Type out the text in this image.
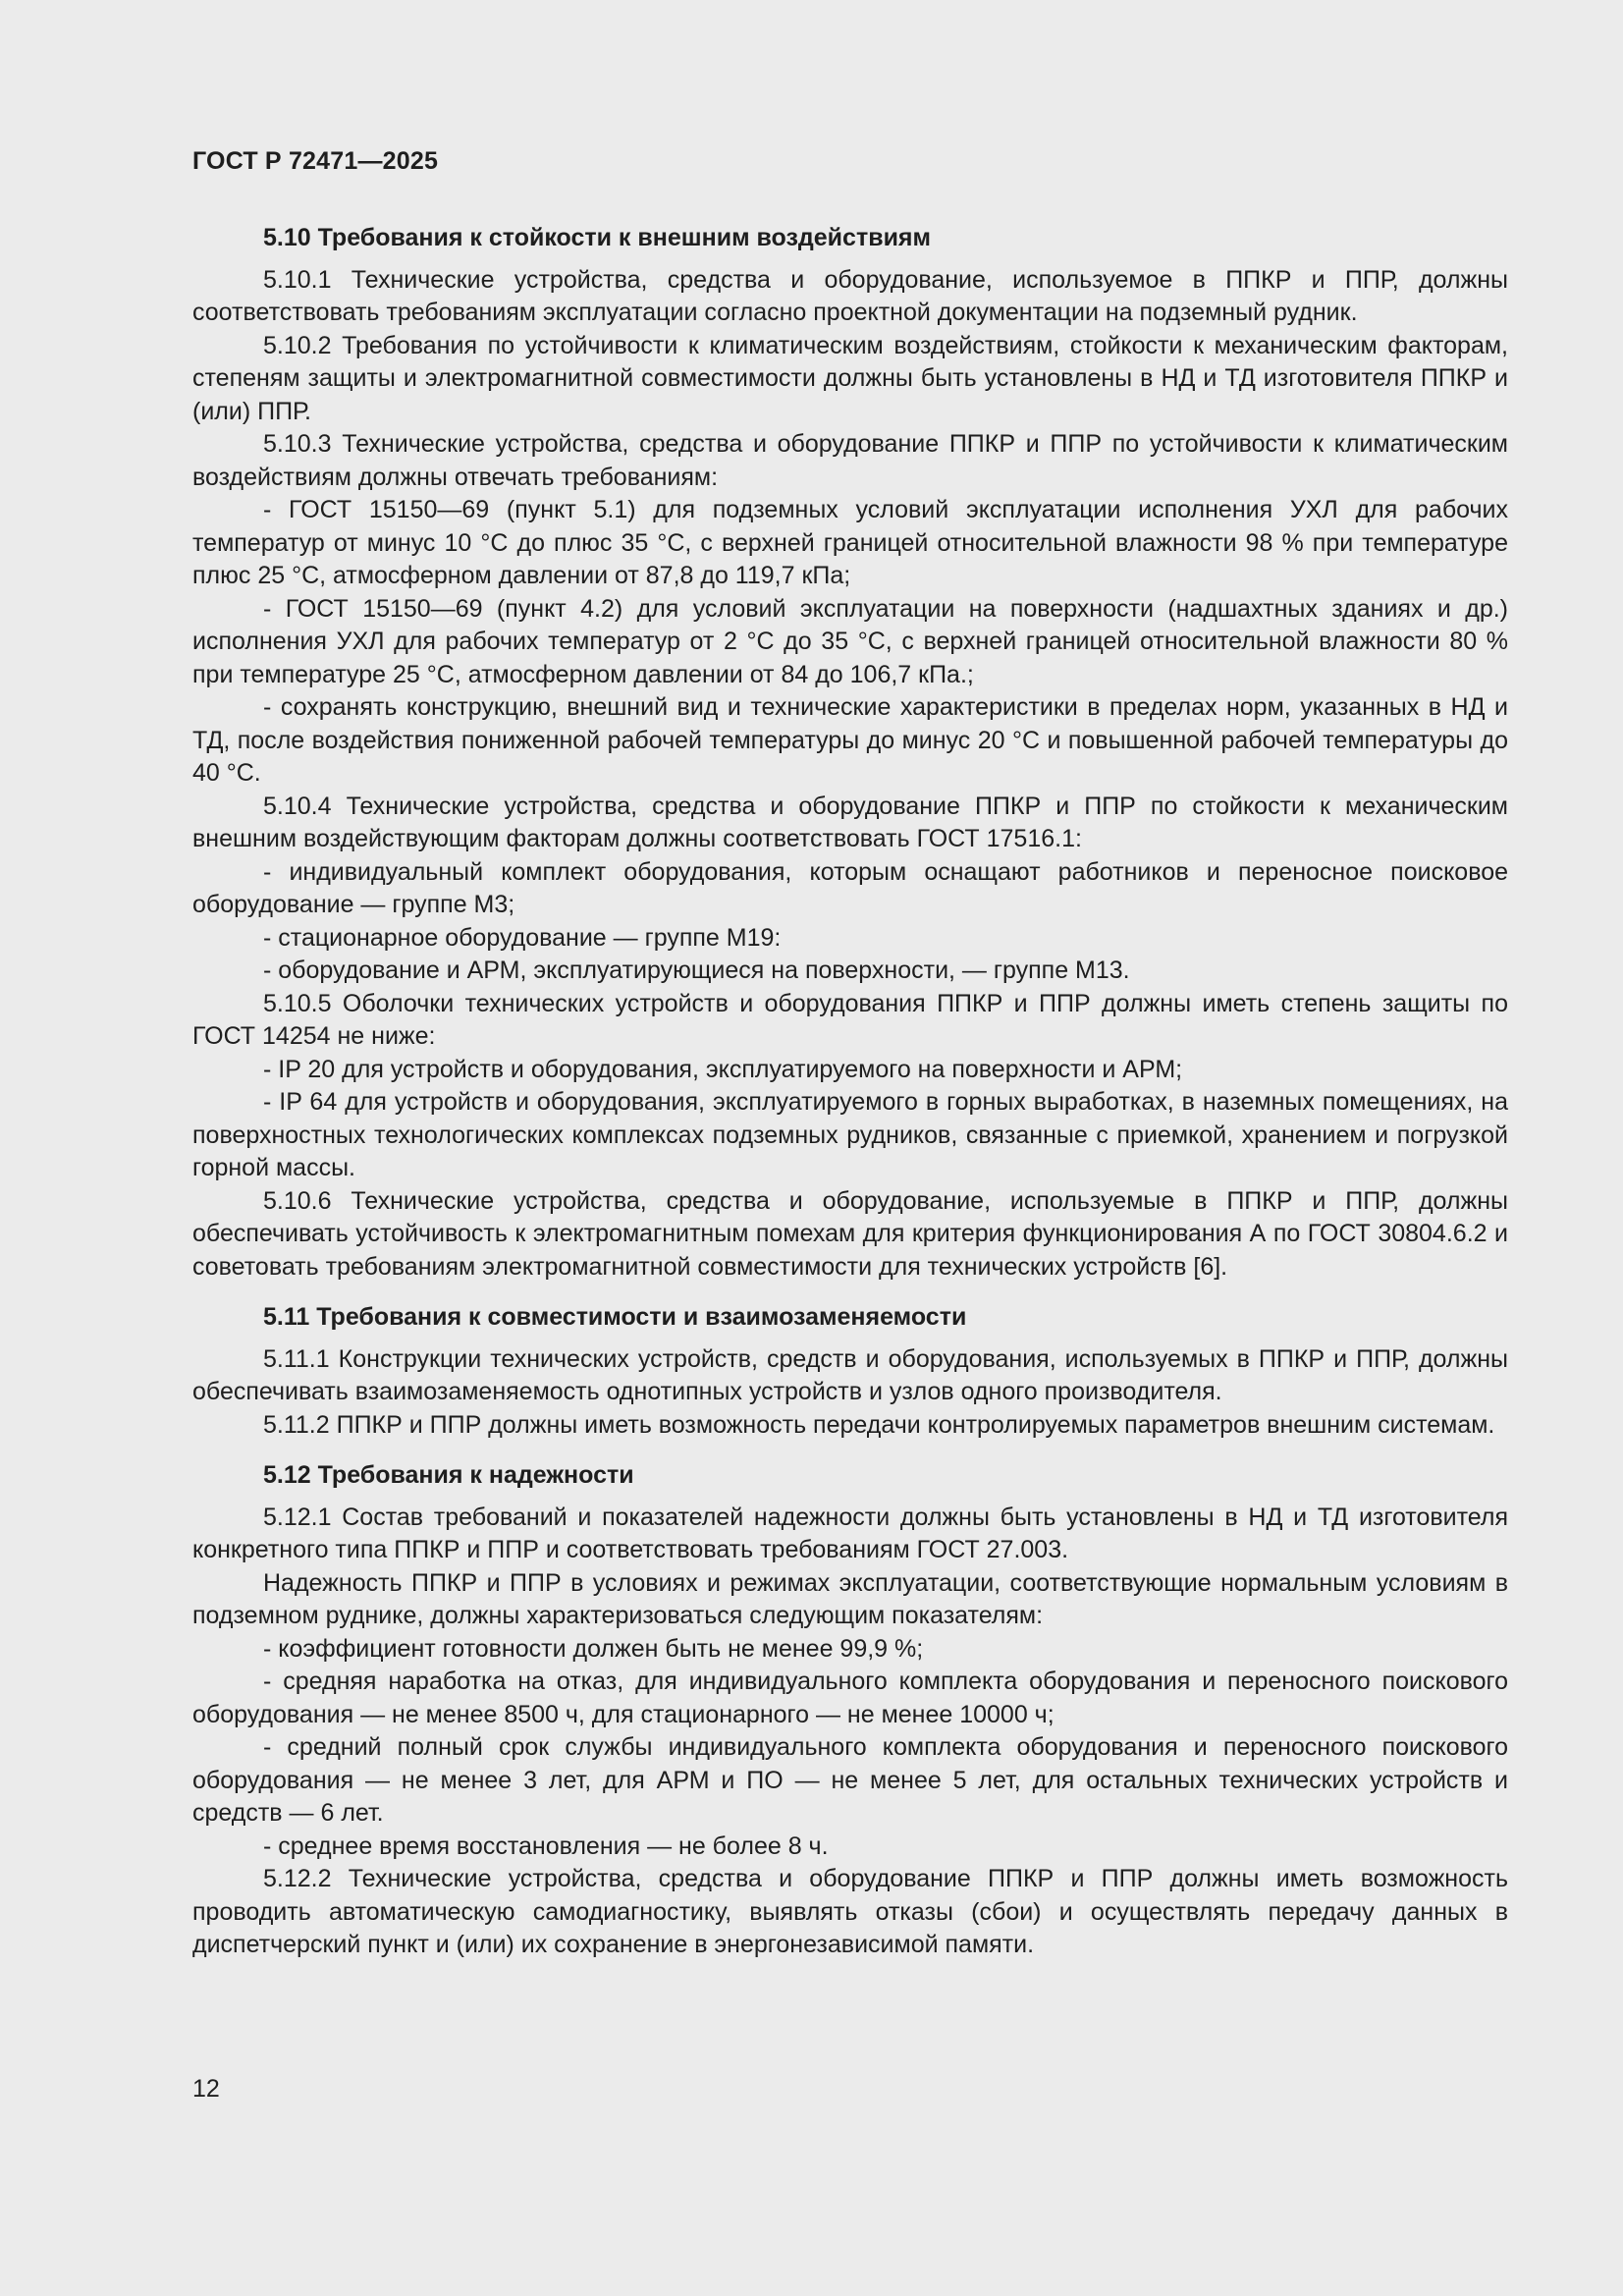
ГОСТ Р 72471—2025
5.10 Требования к стойкости к внешним воздействиям

5.10.1 Технические устройства, средства и оборудование, используемое в ППКР и ППР, должны соответствовать требованиям эксплуатации согласно проектной документации на подземный рудник.

5.10.2 Требования по устойчивости к климатическим воздействиям, стойкости к механическим факторам, степеням защиты и электромагнитной совместимости должны быть установлены в НД и ТД изготовителя ППКР и (или) ППР.

5.10.3 Технические устройства, средства и оборудование ППКР и ППР по устойчивости к климатическим воздействиям должны отвечать требованиям:

- ГОСТ 15150—69 (пункт 5.1) для подземных условий эксплуатации исполнения УХЛ для рабочих температур от минус 10 °С до плюс 35 °С, с верхней границей относительной влажности 98 % при температуре плюс 25 °С, атмосферном давлении от 87,8 до 119,7 кПа;

- ГОСТ 15150—69 (пункт 4.2) для условий эксплуатации на поверхности (надшахтных зданиях и др.) исполнения УХЛ для рабочих температур от 2 °С до 35 °С, с верхней границей относительной влажности 80 % при температуре 25 °С, атмосферном давлении от 84 до 106,7 кПа.;

- сохранять конструкцию, внешний вид и технические характеристики в пределах норм, указанных в НД и ТД, после воздействия пониженной рабочей температуры до минус 20 °С и повышенной рабочей температуры до 40 °С.

5.10.4 Технические устройства, средства и оборудование ППКР и ППР по стойкости к механическим внешним воздействующим факторам должны соответствовать ГОСТ 17516.1:

- индивидуальный комплект оборудования, которым оснащают работников и переносное поисковое оборудование — группе М3;

- стационарное оборудование — группе М19:

- оборудование и АРМ, эксплуатирующиеся на поверхности, — группе М13.

5.10.5 Оболочки технических устройств и оборудования ППКР и ППР должны иметь степень защиты по ГОСТ 14254 не ниже:

- IP 20 для устройств и оборудования, эксплуатируемого на поверхности и АРМ;

- IP 64 для устройств и оборудования, эксплуатируемого в горных выработках, в наземных помещениях, на поверхностных технологических комплексах подземных рудников, связанные с приемкой, хранением и погрузкой горной массы.

5.10.6 Технические устройства, средства и оборудование, используемые в ППКР и ППР, должны обеспечивать устойчивость к электромагнитным помехам для критерия функционирования А по ГОСТ 30804.6.2 и советовать требованиям электромагнитной совместимости для технических устройств [6].

5.11 Требования к совместимости и взаимозаменяемости

5.11.1 Конструкции технических устройств, средств и оборудования, используемых в ППКР и ППР, должны обеспечивать взаимозаменяемость однотипных устройств и узлов одного производителя.

5.11.2 ППКР и ППР должны иметь возможность передачи контролируемых параметров внешним системам.

5.12 Требования к надежности

5.12.1 Состав требований и показателей надежности должны быть установлены в НД и ТД изготовителя конкретного типа ППКР и ППР и соответствовать требованиям ГОСТ 27.003.

Надежность ППКР и ППР в условиях и режимах эксплуатации, соответствующие нормальным условиям в подземном руднике, должны характеризоваться следующим показателям:

- коэффициент готовности должен быть не менее 99,9 %;

- средняя наработка на отказ, для индивидуального комплекта оборудования и переносного поискового оборудования — не менее 8500 ч, для стационарного — не менее 10000 ч;

- средний полный срок службы индивидуального комплекта оборудования и переносного поискового оборудования — не менее 3 лет, для АРМ и ПО — не менее 5 лет, для остальных технических устройств и средств — 6 лет.

- среднее время восстановления — не более 8 ч.

5.12.2 Технические устройства, средства и оборудование ППКР и ППР должны иметь возможность проводить автоматическую самодиагностику, выявлять отказы (сбои) и осуществлять передачу данных в диспетчерский пункт и (или) их сохранение в энергонезависимой памяти.

12
